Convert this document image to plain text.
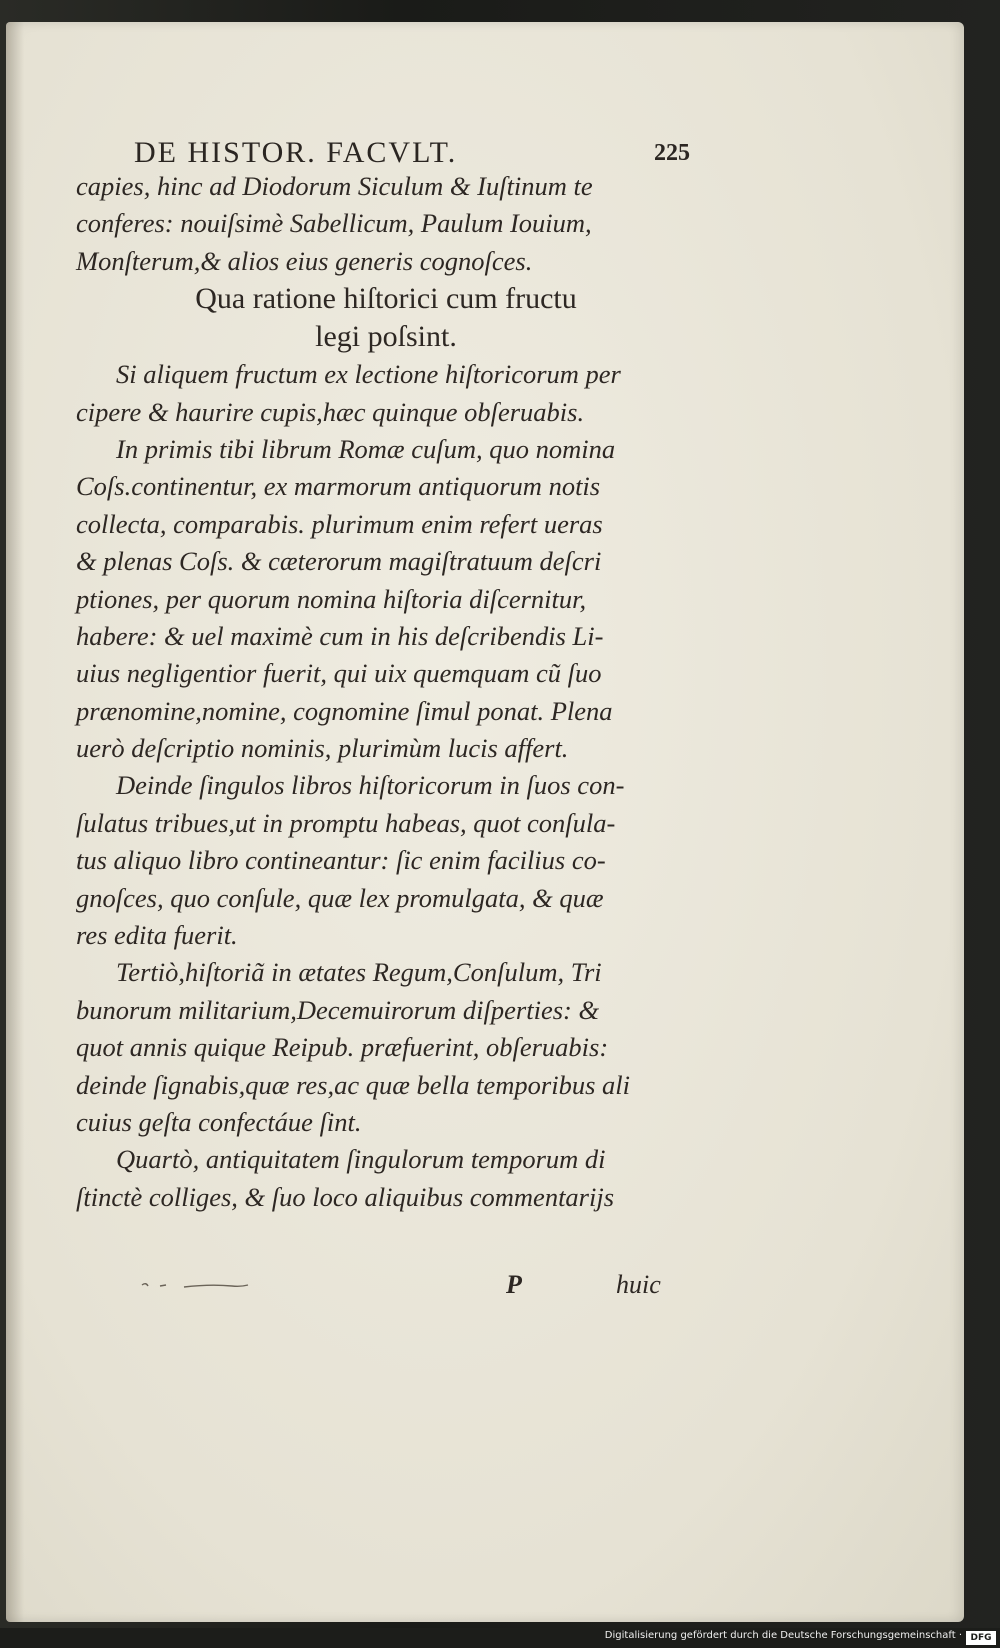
DE HISTOR. FACVLT.	225
capies, hinc ad Diodorum Siculum & Iuſtinum te
conferes: nouiſsimè Sabellicum, Paulum Iouium,
Monſterum,& alios eius generis cognoſces.
Qua ratione hiſtorici cum fructu
legi poſsint.
Si aliquem fructum ex lectione hiſtoricorum per
cipere & haurire cupis,hæc quinque obſeruabis.
In primis tibi librum Romæ cuſum, quo nomina
Coſs.continentur, ex marmorum antiquorum notis
collecta, comparabis. plurimum enim refert ueras
& plenas Coſs. & cæterorum magiſtratuum deſcri
ptiones, per quorum nomina hiſtoria diſcernitur,
habere: & uel maximè cum in his deſcribendis Li-
uius negligentior fuerit, qui uix quemquam cũ ſuo
prænomine,nomine, cognomine ſimul ponat. Plena
uerò deſcriptio nominis, plurimùm lucis affert.
Deinde ſingulos libros hiſtoricorum in ſuos con-
ſulatus tribues,ut in promptu habeas, quot conſula-
tus aliquo libro contineantur: ſic enim facilius co-
gnoſces, quo conſule, quæ lex promulgata, & quæ
res edita fuerit.
Tertiò,hiſtoriã in ætates Regum,Conſulum, Tri
bunorum militarium,Decemuirorum diſperties: &
quot annis quique Reipub. præfuerint, obſeruabis:
deinde ſignabis,quæ res,ac quæ bella temporibus ali
cuius geſta confectáue ſint.
Quartò, antiquitatem ſingulorum temporum di
ſtinctè colliges, & ſuo loco aliquibus commentarijs
P	huic
Digitalisierung gefördert durch die Deutsche Forschungsgemeinschaft · DFG
